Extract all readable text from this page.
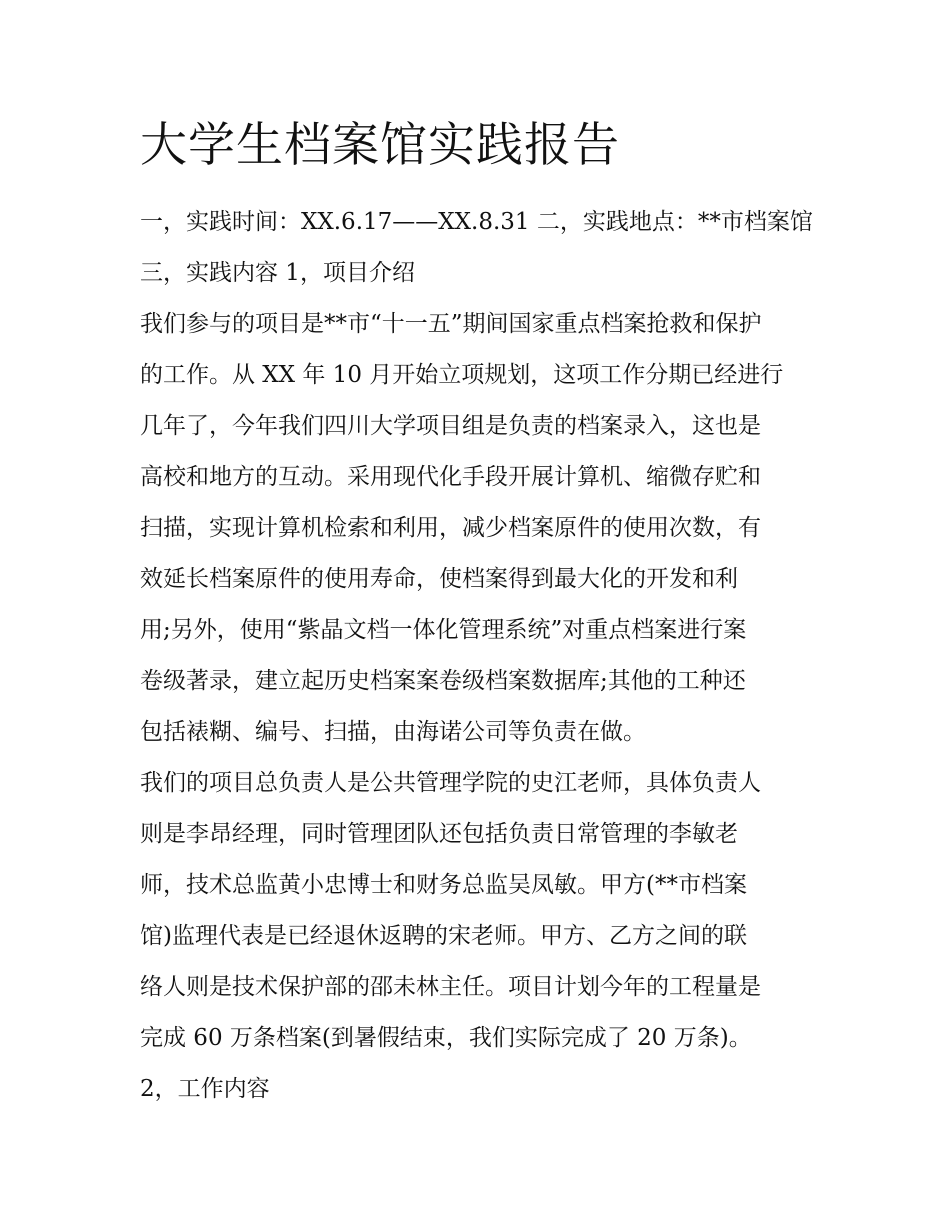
大学生档案馆实践报告
一，实践时间：XX.6.17——XX.8.31 二，实践地点：**市档案馆
三，实践内容 1，项目介绍
我们参与的项目是**市“十一五”期间国家重点档案抢救和保护
的工作。从 XX 年 10 月开始立项规划，这项工作分期已经进行
几年了，今年我们四川大学项目组是负责的档案录入，这也是
高校和地方的互动。采用现代化手段开展计算机、缩微存贮和
扫描，实现计算机检索和利用，减少档案原件的使用次数，有
效延长档案原件的使用寿命，使档案得到最大化的开发和利
用;另外，使用“紫晶文档一体化管理系统”对重点档案进行案
卷级著录，建立起历史档案案卷级档案数据库;其他的工种还
包括裱糊、编号、扫描，由海诺公司等负责在做。
我们的项目总负责人是公共管理学院的史江老师，具体负责人
则是李昂经理，同时管理团队还包括负责日常管理的李敏老
师，技术总监黄小忠博士和财务总监吴凤敏。甲方(**市档案
馆)监理代表是已经退休返聘的宋老师。甲方、乙方之间的联
络人则是技术保护部的邵未林主任。项目计划今年的工程量是
完成 60 万条档案(到暑假结束，我们实际完成了 20 万条)。
2，工作内容
